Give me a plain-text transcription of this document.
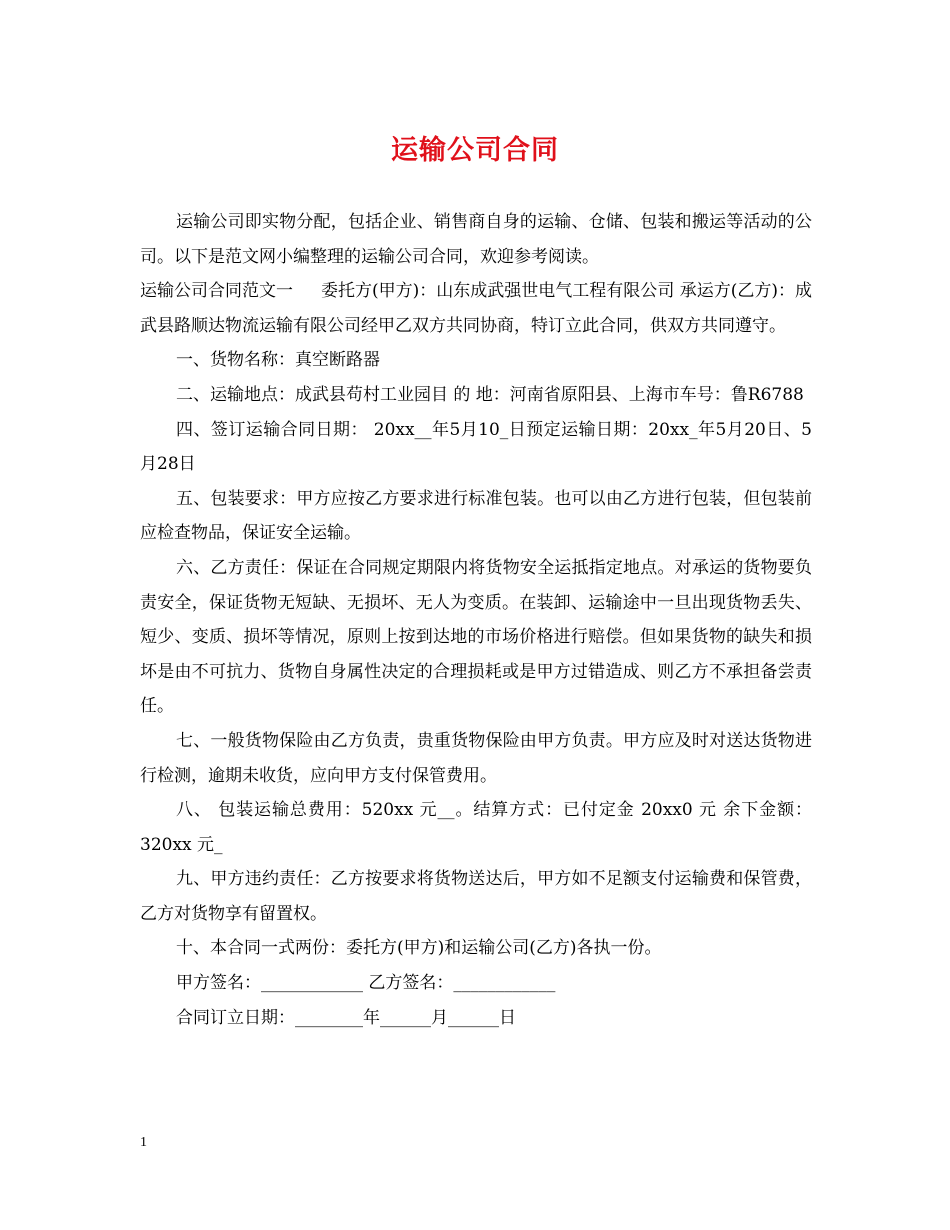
运输公司合同

运输公司即实物分配，包括企业、销售商自身的运输、仓储、包装和搬运等活动的公司。以下是范文网小编整理的运输公司合同，欢迎参考阅读。

运输公司合同范文一 委托方(甲方)：山东成武强世电气工程有限公司 承运方(乙方)：成武县路顺达物流运输有限公司经甲乙双方共同协商，特订立此合同，供双方共同遵守。

一、货物名称：真空断路器

二、运输地点：成武县苟村工业园目 的 地：河南省原阳县、上海市车号：鲁R6788

四、签订运输合同日期： 20xx__年5月10_日预定运输日期：20xx_年5月20日、5月28日

五、包装要求：甲方应按乙方要求进行标准包装。也可以由乙方进行包装，但包装前应检查物品，保证安全运输。

六、乙方责任：保证在合同规定期限内将货物安全运抵指定地点。对承运的货物要负责安全，保证货物无短缺、无损坏、无人为变质。在装卸、运输途中一旦出现货物丢失、短少、变质、损坏等情况，原则上按到达地的市场价格进行赔偿。但如果货物的缺失和损坏是由不可抗力、货物自身属性决定的合理损耗或是甲方过错造成、则乙方不承担备尝责任。

七、一般货物保险由乙方负责，贵重货物保险由甲方负责。甲方应及时对送达货物进行检测，逾期未收货，应向甲方支付保管费用。

八、 包装运输总费用：520xx 元__。结算方式：已付定金 20xx0 元 余下金额：320xx 元_

九、甲方违约责任：乙方按要求将货物送达后，甲方如不足额支付运输费和保管费，乙方对货物享有留置权。

十、本合同一式两份：委托方(甲方)和运输公司(乙方)各执一份。

甲方签名：____________ 乙方签名：____________

合同订立日期：________年______月______日

1
